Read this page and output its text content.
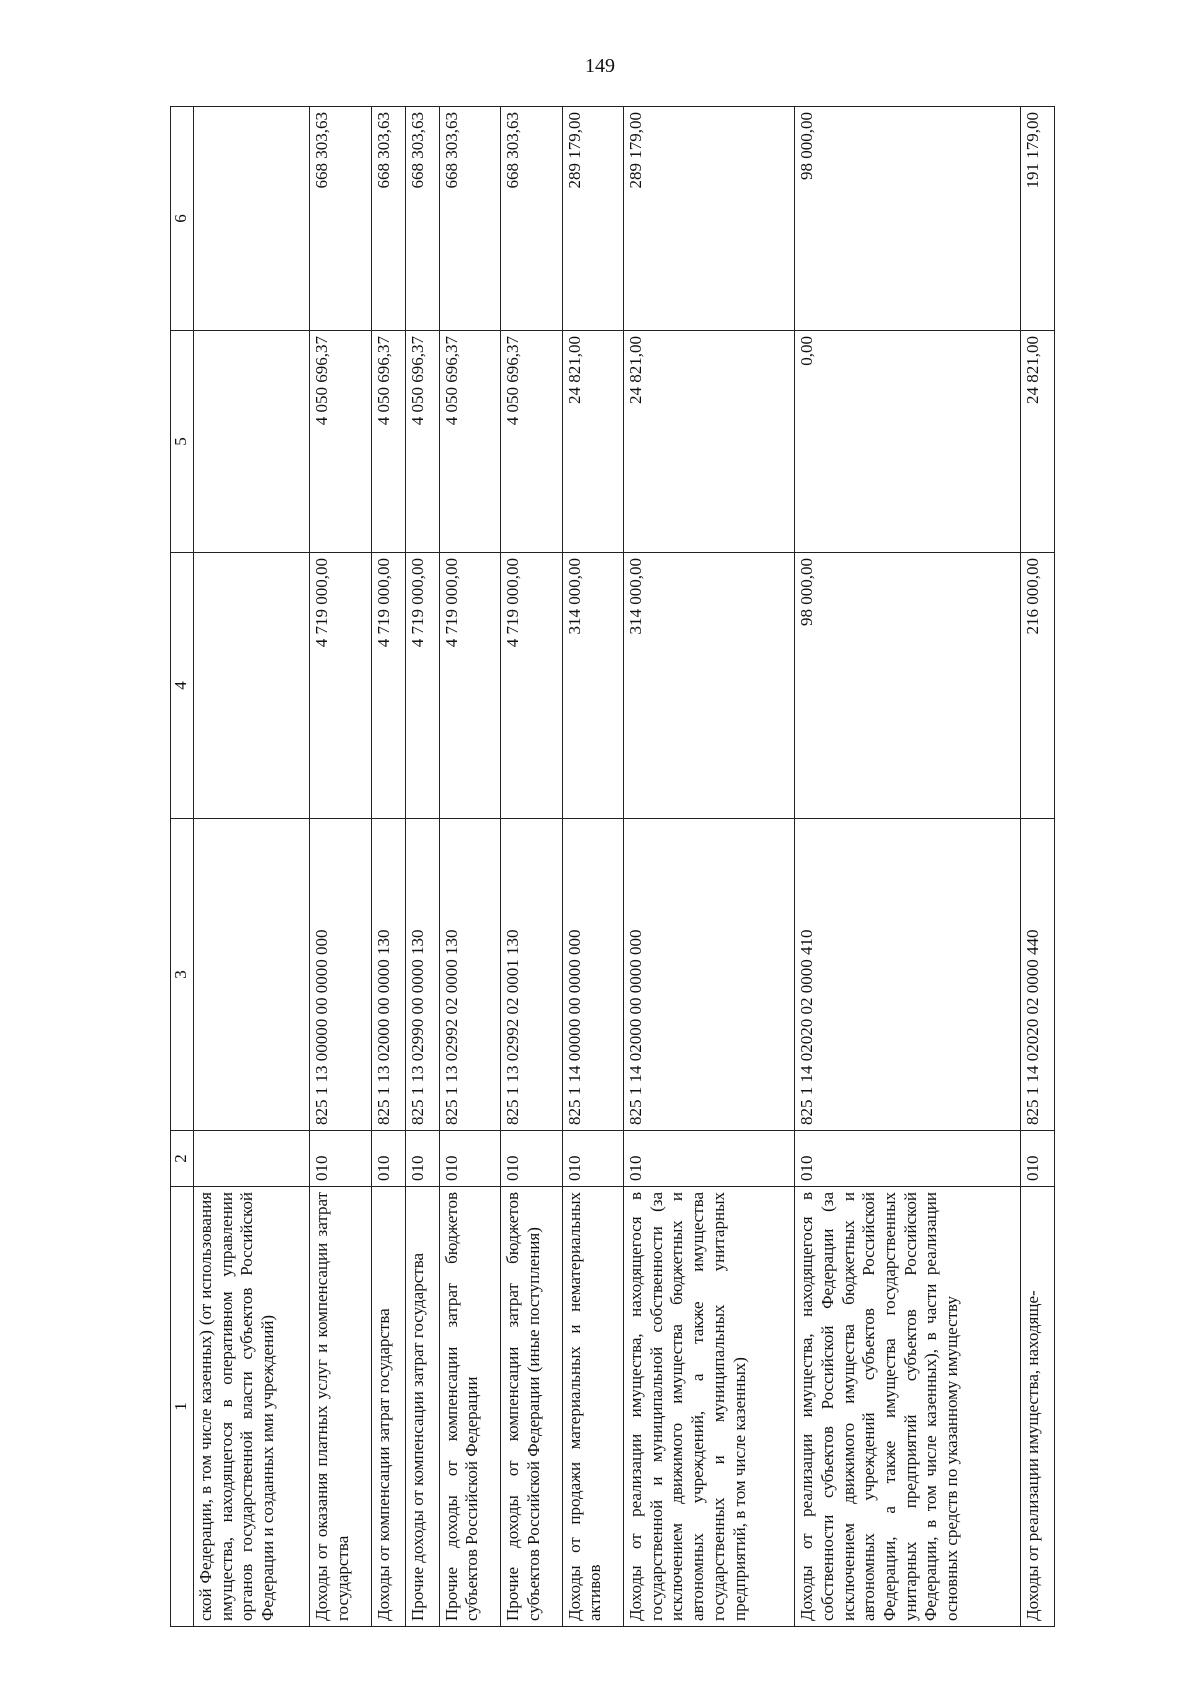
149
1	2	3	4	5	6
ской Федерации, в том числе казенных) (от использования имущества, находящегося в оперативном управлении органов государственной власти субъектов Российской Федерации и созданных ими учреждений)					
Доходы от оказания платных услуг и компенсации затрат государства	010	825 1 13 00000 00 0000 000	4 719 000,00	4 050 696,37	668 303,63
Доходы от компенсации затрат государства	010	825 1 13 02000 00 0000 130	4 719 000,00	4 050 696,37	668 303,63
Прочие доходы от компенсации затрат государства	010	825 1 13 02990 00 0000 130	4 719 000,00	4 050 696,37	668 303,63
Прочие доходы от компенсации затрат бюджетов субъектов Российской Федерации	010	825 1 13 02992 02 0000 130	4 719 000,00	4 050 696,37	668 303,63
Прочие доходы от компенсации затрат бюджетов субъектов Российской Федерации (иные поступления)	010	825 1 13 02992 02 0001 130	4 719 000,00	4 050 696,37	668 303,63
Доходы от продажи материальных и нематериальных активов	010	825 1 14 00000 00 0000 000	314 000,00	24 821,00	289 179,00
Доходы от реализации имущества, находящегося в государственной и муниципальной собственности (за исключением движимого имущества бюджетных и автономных учреждений, а также имущества государственных и муниципальных унитарных предприятий, в том числе казенных)	010	825 1 14 02000 00 0000 000	314 000,00	24 821,00	289 179,00
Доходы от реализации имущества, находящегося в собственности субъектов Российской Федерации (за исключением движимого имущества бюджетных и автономных учреждений субъектов Российской Федерации, а также имущества государственных унитарных предприятий субъектов Российской Федерации, в том числе казенных), в части реализации основных средств по указанному имуществу	010	825 1 14 02020 02 0000 410	98 000,00	0,00	98 000,00
Доходы от реализации имущества, находяще-	010	825 1 14 02020 02 0000 440	216 000,00	24 821,00	191 179,00
